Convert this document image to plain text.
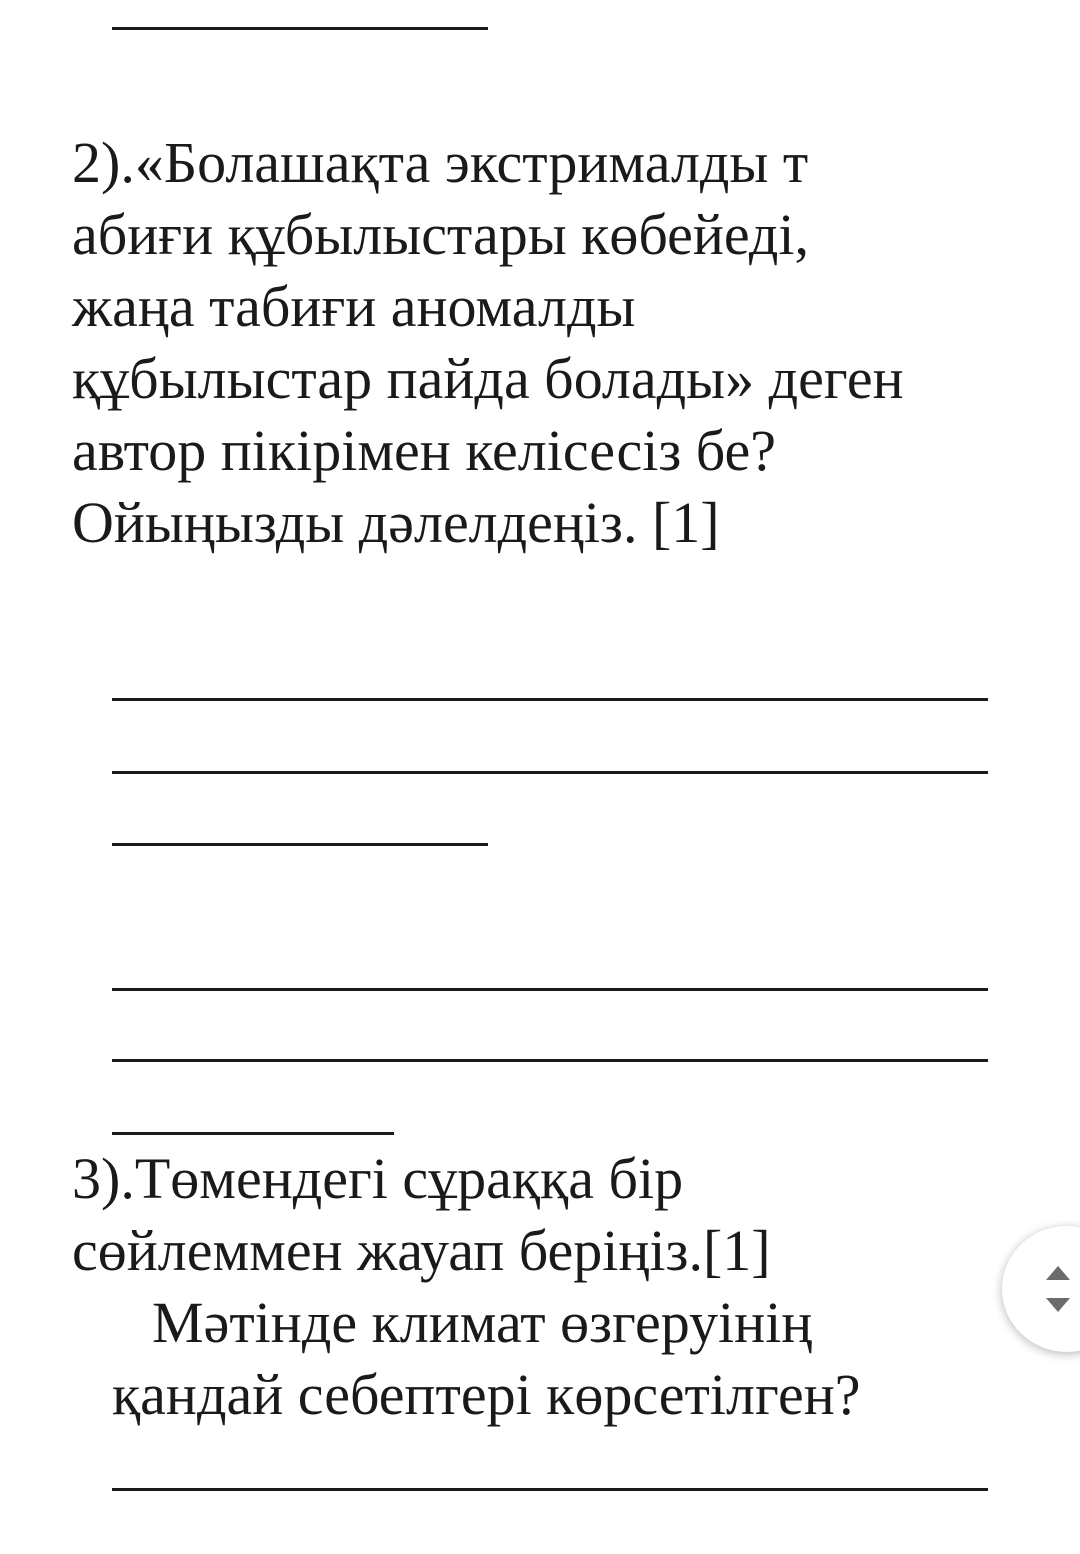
2).«Болашақта экстрималды т

абиғи құбылыстары көбейеді,

жаңа табиғи аномалды

құбылыстар пайда болады» деген

автор пікірімен келісесіз бе?

Ойыңызды дәлелдеңіз. [1]

3).Төмендегі сұраққа бір

сөйлеммен жауап беріңіз.[1]

Мәтінде климат өзгеруінің

қандай себептері көрсетілген?
